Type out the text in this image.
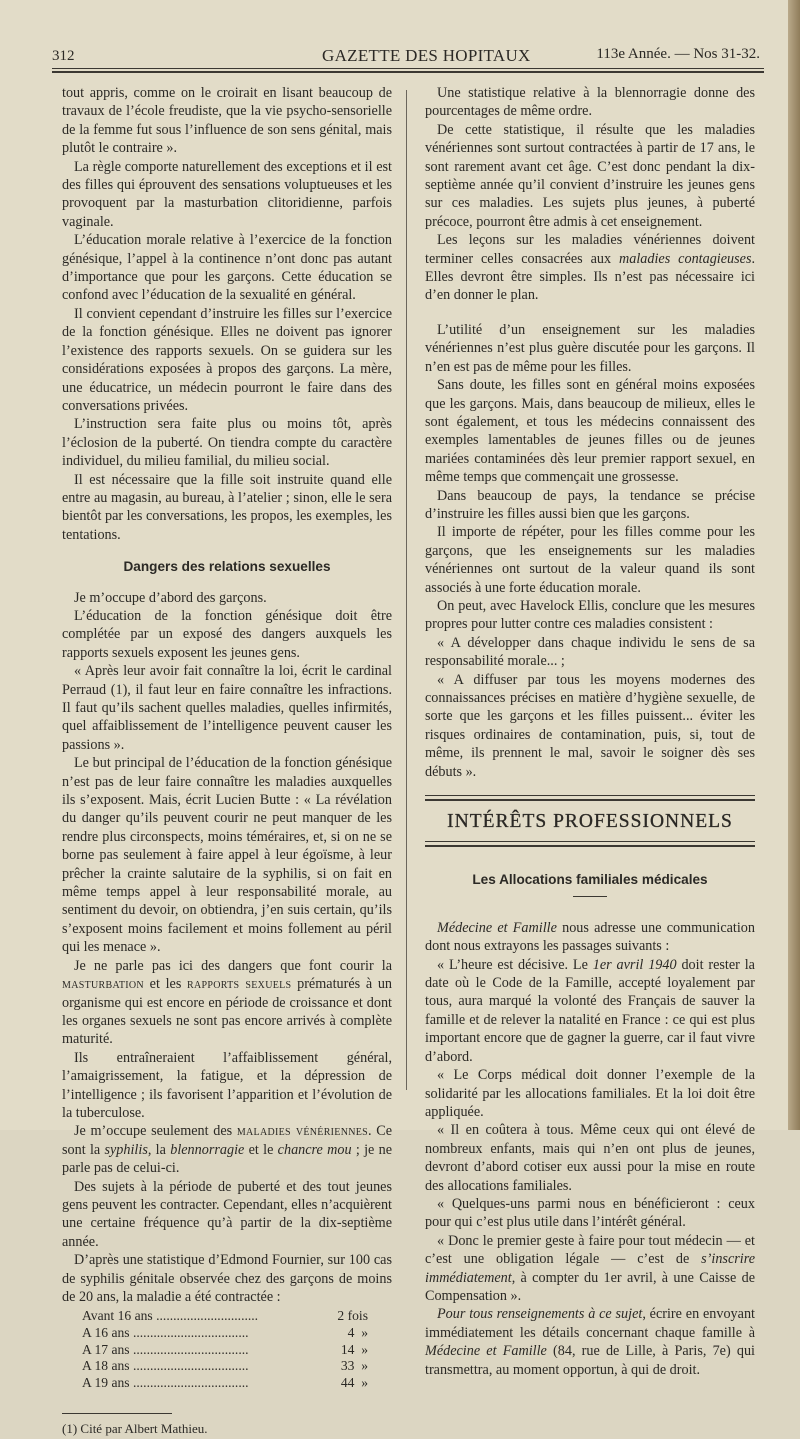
312	GAZETTE DES HOPITAUX	113e Année. — Nos 31-32.

tout appris, comme on le croirait en lisant beaucoup de travaux de l’école freudiste, que la vie psycho-sensorielle de la femme fut sous l’influence de son sens génital, mais plutôt le contraire ».

La règle comporte naturellement des exceptions et il est des filles qui éprouvent des sensations voluptueuses et les provoquent par la masturbation clitoridienne, parfois vaginale.

L’éducation morale relative à l’exercice de la fonction génésique, l’appel à la continence n’ont donc pas autant d’importance que pour les garçons. Cette éducation se confond avec l’éducation de la sexualité en général.

Il convient cependant d’instruire les filles sur l’exercice de la fonction génésique. Elles ne doivent pas ignorer l’existence des rapports sexuels. On se guidera sur les considérations exposées à propos des garçons. La mère, une éducatrice, un médecin pourront le faire dans des conversations privées.

L’instruction sera faite plus ou moins tôt, après l’éclosion de la puberté. On tiendra compte du caractère individuel, du milieu familial, du milieu social.

Il est nécessaire que la fille soit instruite quand elle entre au magasin, au bureau, à l’atelier ; sinon, elle le sera bientôt par les conversations, les propos, les exemples, les tentations.

Dangers des relations sexuelles

Je m’occupe d’abord des garçons.

L’éducation de la fonction génésique doit être complétée par un exposé des dangers auxquels les rapports sexuels exposent les jeunes gens.

« Après leur avoir fait connaître la loi, écrit le cardinal Perraud (1), il faut leur en faire connaître les infractions. Il faut qu’ils sachent quelles maladies, quelles infirmités, quel affaiblissement de l’intelligence peuvent causer les passions ».

Le but principal de l’éducation de la fonction génésique n’est pas de leur faire connaître les maladies auxquelles ils s’exposent. Mais, écrit Lucien Butte : « La révélation du danger qu’ils peuvent courir ne peut manquer de les rendre plus circonspects, moins téméraires, et, si on ne se borne pas seulement à faire appel à leur égoïsme, à leur prêcher la crainte salutaire de la syphilis, si on fait en même temps appel à leur responsabilité morale, au sentiment du devoir, on obtiendra, j’en suis certain, qu’ils s’exposent moins facilement et moins follement au péril qui les menace ».

Je ne parle pas ici des dangers que font courir la masturbation et les rapports sexuels prématurés à un organisme qui est encore en période de croissance et dont les organes sexuels ne sont pas encore arrivés à complète maturité.

Ils entraîneraient l’affaiblissement général, l’amaigrissement, la fatigue, et la dépression de l’intelligence ; ils favorisent l’apparition et l’évolution de la tuberculose.

Je m’occupe seulement des maladies vénériennes. Ce sont la syphilis, la blennorragie et le chancre mou ; je ne parle pas de celui-ci.

Des sujets à la période de puberté et des tout jeunes gens peuvent les contracter. Cependant, elles n’acquièrent une certaine fréquence qu’à partir de la dix-septième année.

D’après une statistique d’Edmond Fournier, sur 100 cas de syphilis génitale observée chez des garçons de moins de 20 ans, la maladie a été contractée :

Avant 16 ans ..............................	2 fois
A 16 ans ..................................	4  »
A 17 ans ..................................	14  »
A 18 ans ..................................	33  »
A 19 ans ..................................	44  »

(1) Cité par Albert Mathieu.

Une statistique relative à la blennorragie donne des pourcentages de même ordre.

De cette statistique, il résulte que les maladies vénériennes sont surtout contractées à partir de 17 ans, le sont rarement avant cet âge. C’est donc pendant la dix-septième année qu’il convient d’instruire les jeunes gens sur ces maladies. Les sujets plus jeunes, à puberté précoce, pourront être admis à cet enseignement.

Les leçons sur les maladies vénériennes doivent terminer celles consacrées aux maladies contagieuses. Elles devront être simples. Ils n’est pas nécessaire ici d’en donner le plan.

L’utilité d’un enseignement sur les maladies vénériennes n’est plus guère discutée pour les garçons. Il n’en est pas de même pour les filles.

Sans doute, les filles sont en général moins exposées que les garçons. Mais, dans beaucoup de milieux, elles le sont également, et tous les médecins connaissent des exemples lamentables de jeunes filles ou de jeunes mariées contaminées dès leur premier rapport sexuel, en même temps que commençait une grossesse.

Dans beaucoup de pays, la tendance se précise d’instruire les filles aussi bien que les garçons.

Il importe de répéter, pour les filles comme pour les garçons, que les enseignements sur les maladies vénériennes ont surtout de la valeur quand ils sont associés à une forte éducation morale.

On peut, avec Havelock Ellis, conclure que les mesures propres pour lutter contre ces maladies consistent :

« A développer dans chaque individu le sens de sa responsabilité morale... ;

« A diffuser par tous les moyens modernes des connaissances précises en matière d’hygiène sexuelle, de sorte que les garçons et les filles puissent... éviter les risques ordinaires de contamination, puis, si, tout de même, ils prennent le mal, savoir le soigner dès ses débuts ».

INTÉRÊTS PROFESSIONNELS
Les Allocations familiales médicales

Médecine et Famille nous adresse une communication dont nous extrayons les passages suivants :

« L’heure est décisive. Le 1er avril 1940 doit rester la date où le Code de la Famille, accepté loyalement par tous, aura marqué la volonté des Français de sauver la famille et de relever la natalité en France : ce qui est plus important encore que de gagner la guerre, car il faut vivre d’abord.

« Le Corps médical doit donner l’exemple de la solidarité par les allocations familiales. Et la loi doit être appliquée.

« Il en coûtera à tous. Même ceux qui ont élevé de nombreux enfants, mais qui n’en ont plus de jeunes, devront d’abord cotiser eux aussi pour la mise en route des allocations familiales.

« Quelques-uns parmi nous en bénéficieront : ceux pour qui c’est plus utile dans l’intérêt général.

« Donc le premier geste à faire pour tout médecin — et c’est une obligation légale — c’est de s’inscrire immédiatement, à compter du 1er avril, à une Caisse de Compensation ».

Pour tous renseignements à ce sujet, écrire en envoyant immédiatement les détails concernant chaque famille à Médecine et Famille (84, rue de Lille, à Paris, 7e) qui transmettra, au moment opportun, à qui de droit.
